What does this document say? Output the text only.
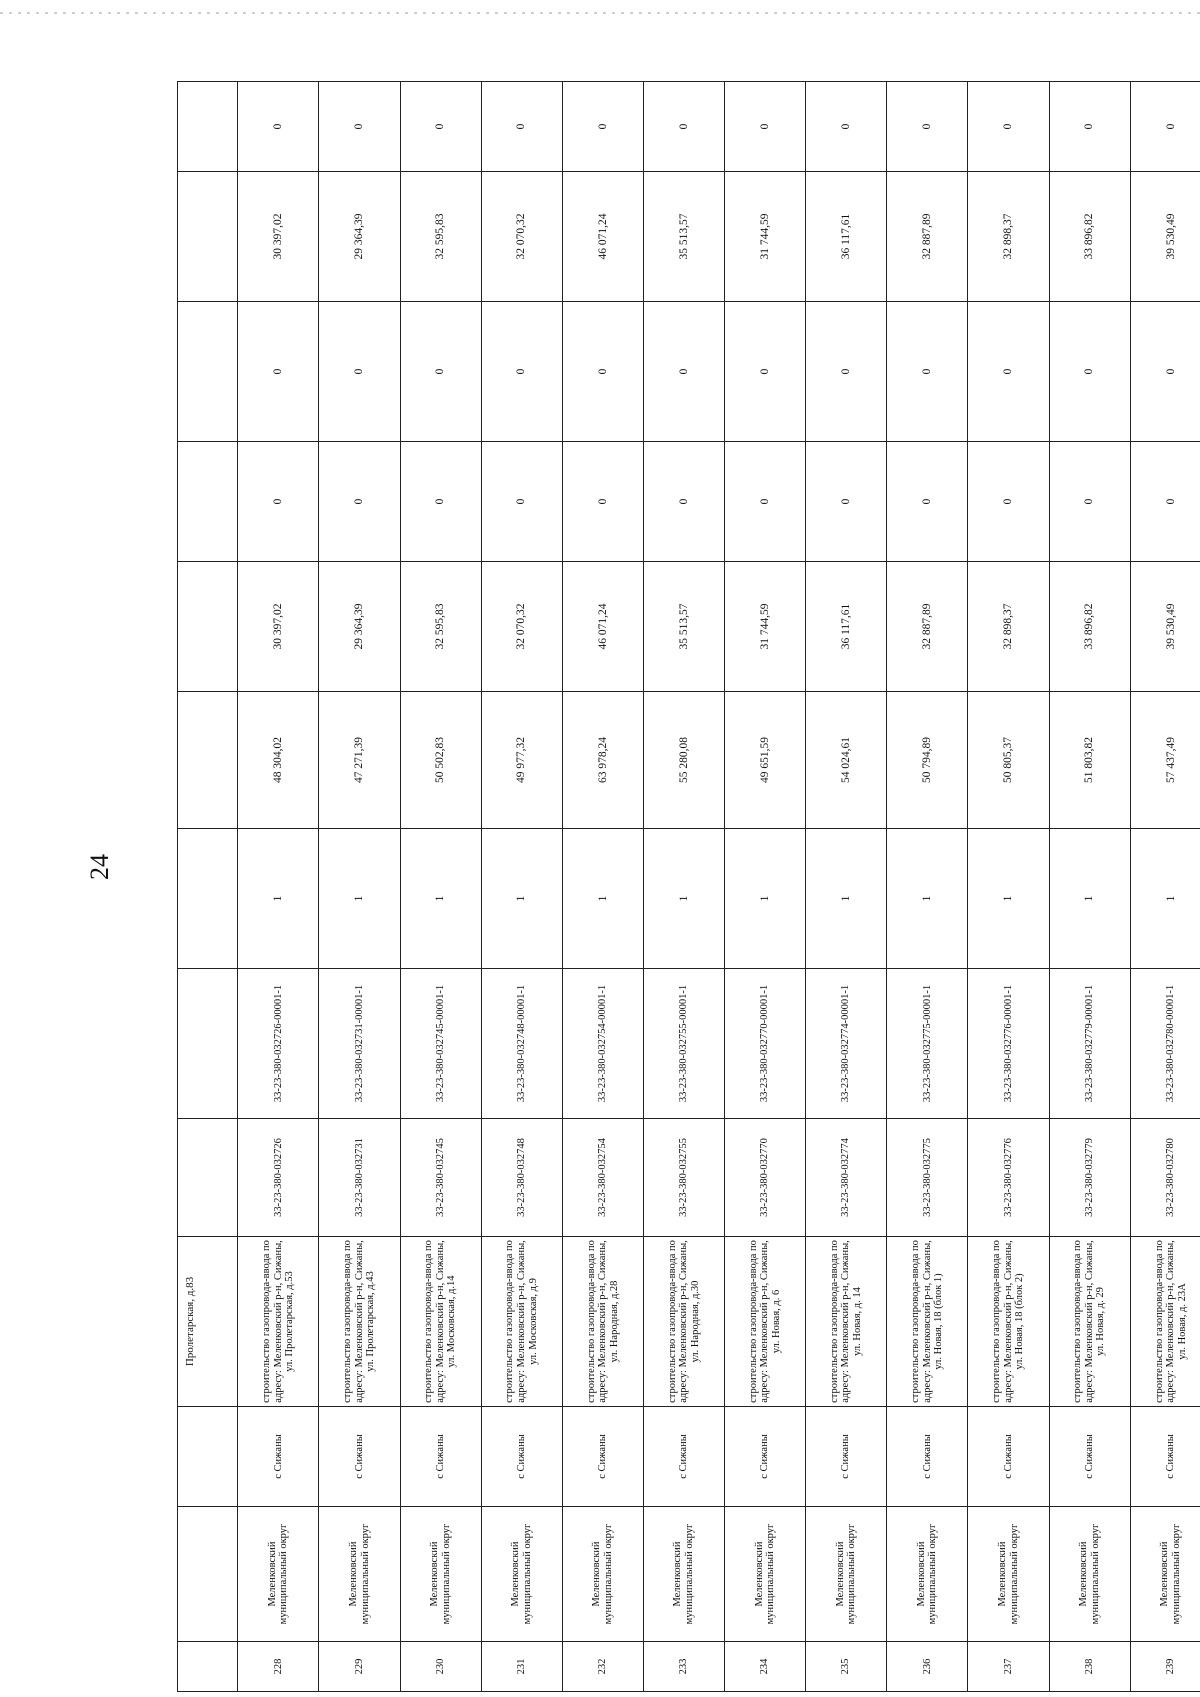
24
			Пролетарская, д.83									
228	Меленковский муниципальный округ	с Сижаны	строительство газопровода-ввода по адресу: Меленковский р-н, Сижаны, ул. Пролетарская, д.53	33-23-380-032726	33-23-380-032726-00001-1	1	48 304,02	30 397,02	0	0	30 397,02	0
229	Меленковский муниципальный округ	с Сижаны	строительство газопровода-ввода по адресу: Меленковский р-н, Сижаны, ул. Пролетарская, д.43	33-23-380-032731	33-23-380-032731-00001-1	1	47 271,39	29 364,39	0	0	29 364,39	0
230	Меленковский муниципальный округ	с Сижаны	строительство газопровода-ввода по адресу: Меленковский р-н, Сижаны, ул. Московская, д.14	33-23-380-032745	33-23-380-032745-00001-1	1	50 502,83	32 595,83	0	0	32 595,83	0
231	Меленковский муниципальный округ	с Сижаны	строительство газопровода-ввода по адресу: Меленковский р-н, Сижаны, ул. Московская, д.9	33-23-380-032748	33-23-380-032748-00001-1	1	49 977,32	32 070,32	0	0	32 070,32	0
232	Меленковский муниципальный округ	с Сижаны	строительство газопровода-ввода по адресу: Меленковский р-н, Сижаны, ул. Народная, д.28	33-23-380-032754	33-23-380-032754-00001-1	1	63 978,24	46 071,24	0	0	46 071,24	0
233	Меленковский муниципальный округ	с Сижаны	строительство газопровода-ввода по адресу: Меленковский р-н, Сижаны, ул. Народная, д.30	33-23-380-032755	33-23-380-032755-00001-1	1	55 280,08	35 513,57	0	0	35 513,57	0
234	Меленковский муниципальный округ	с Сижаны	строительство газопровода-ввода по адресу: Меленковский р-н, Сижаны, ул. Новая, д. 6	33-23-380-032770	33-23-380-032770-00001-1	1	49 651,59	31 744,59	0	0	31 744,59	0
235	Меленковский муниципальный округ	с Сижаны	строительство газопровода-ввода по адресу: Меленковский р-н, Сижаны, ул. Новая, д. 14	33-23-380-032774	33-23-380-032774-00001-1	1	54 024,61	36 117,61	0	0	36 117,61	0
236	Меленковский муниципальный округ	с Сижаны	строительство газопровода-ввода по адресу: Меленковский р-н, Сижаны, ул. Новая, 18 (блок 1)	33-23-380-032775	33-23-380-032775-00001-1	1	50 794,89	32 887,89	0	0	32 887,89	0
237	Меленковский муниципальный округ	с Сижаны	строительство газопровода-ввода по адресу: Меленковский р-н, Сижаны, ул. Новая, 18 (блок 2)	33-23-380-032776	33-23-380-032776-00001-1	1	50 805,37	32 898,37	0	0	32 898,37	0
238	Меленковский муниципальный округ	с Сижаны	строительство газопровода-ввода по адресу: Меленковский р-н, Сижаны, ул. Новая, д. 29	33-23-380-032779	33-23-380-032779-00001-1	1	51 803,82	33 896,82	0	0	33 896,82	0
239	Меленковский муниципальный округ	с Сижаны	строительство газопровода-ввода по адресу: Меленковский р-н, Сижаны, ул. Новая, д. 23А	33-23-380-032780	33-23-380-032780-00001-1	1	57 437,49	39 530,49	0	0	39 530,49	0
